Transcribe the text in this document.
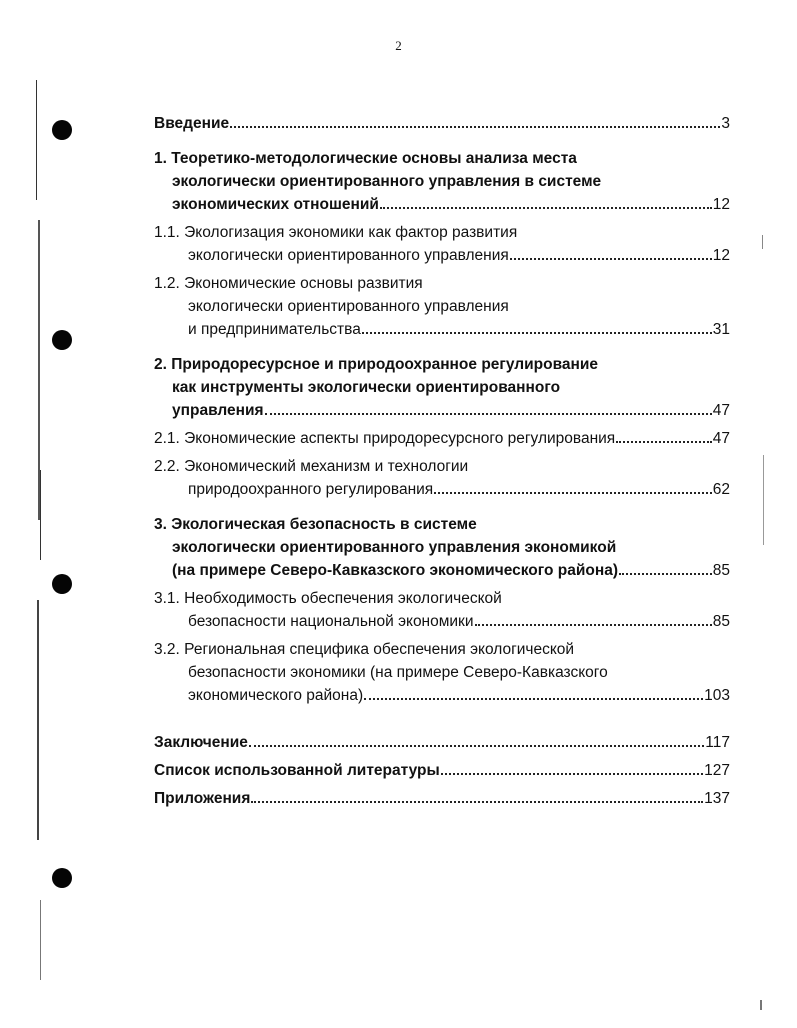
2
Введение	3
1. Теоретико-методологические основы анализа места
экологически ориентированного управления в системе
экономических отношений	12
1.1. Экологизация экономики как фактор развития
экологически ориентированного управления	12
1.2. Экономические основы развития
экологически ориентированного управления
и предпринимательства	31
2. Природоресурсное и природоохранное регулирование
как инструменты экологически ориентированного
управления	47
2.1. Экономические аспекты природоресурсного регулирования	47
2.2. Экономический механизм и технологии
природоохранного регулирования	62
3. Экологическая безопасность в системе
экологически ориентированного управления экономикой
(на примере Северо-Кавказского экономического района)	85
3.1. Необходимость обеспечения экологической
безопасности национальной экономики	85
3.2. Региональная специфика обеспечения экологической
безопасности экономики (на примере Северо-Кавказского
экономического района)	103
Заключение	117
Список использованной литературы	127
Приложения	137
